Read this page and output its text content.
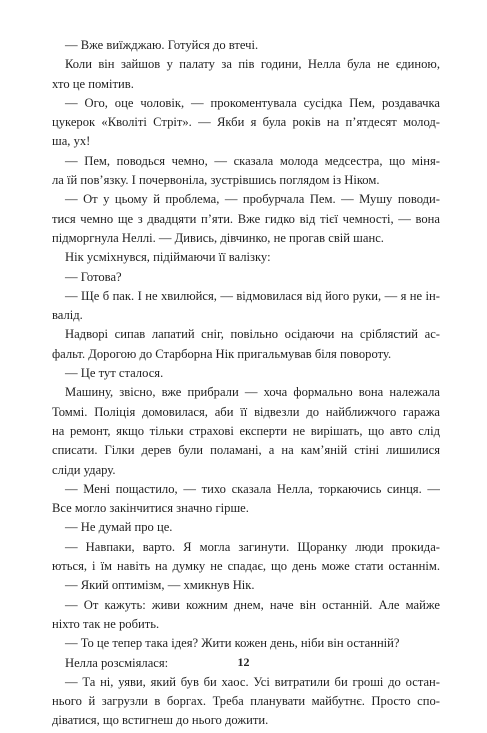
— Вже виїжджаю. Готуйся до втечі.
Коли він зайшов у палату за пів години, Нелла була не єдиною,
хто це помітив.
— Ого, оце чоловік, — прокоментувала сусідка Пем, роздавачка
цукерок «Кволіті Стріт». — Якби я була років на п’ятдесят молод-
ша, ух!
— Пем, поводься чемно, — сказала молода медсестра, що міня-
ла їй пов’язку. І почервоніла, зустрівшись поглядом із Ніком.
— От у цьому й проблема, — пробурчала Пем. — Мушу поводи-
тися чемно ще з двадцяти п’яти. Вже гидко від тієї чемності, — вона
підморгнула Неллі. — Дивись, дівчинко, не прогав свій шанс.
Нік усміхнувся, підіймаючи її валізку:
— Готова?
— Ще б пак. І не хвилюйся, — відмовилася від його руки, — я не ін-
валід.
Надворі сипав лапатий сніг, повільно осідаючи на сріблястий ас-
фальт. Дорогою до Старборна Нік пригальмував біля повороту.
— Це тут сталося.
Машину, звісно, вже прибрали — хоча формально вона належала
Томмі. Поліція домовилася, аби її відвезли до найближчого гаража
на ремонт, якщо тільки страхові експерти не вирішать, що авто слід
списати. Гілки дерев були поламані, а на кам’яній стіні лишилися
сліди удару.
— Мені пощастило, — тихо сказала Нелла, торкаючись синця. —
Все могло закінчитися значно гірше.
— Не думай про це.
— Навпаки, варто. Я могла загинути. Щоранку люди прокида-
ються, і їм навіть на думку не спадає, що день може стати останнім.
— Який оптимізм, — хмикнув Нік.
— От кажуть: живи кожним днем, наче він останній. Але майже
ніхто так не робить.
— То це тепер така ідея? Жити кожен день, ніби він останній?
Нелла розсміялася:
— Та ні, уяви, який був би хаос. Усі витратили би гроші до остан-
нього й загрузли в боргах. Треба планувати майбутнє. Просто спо-
діватися, що встигнеш до нього дожити.
12
